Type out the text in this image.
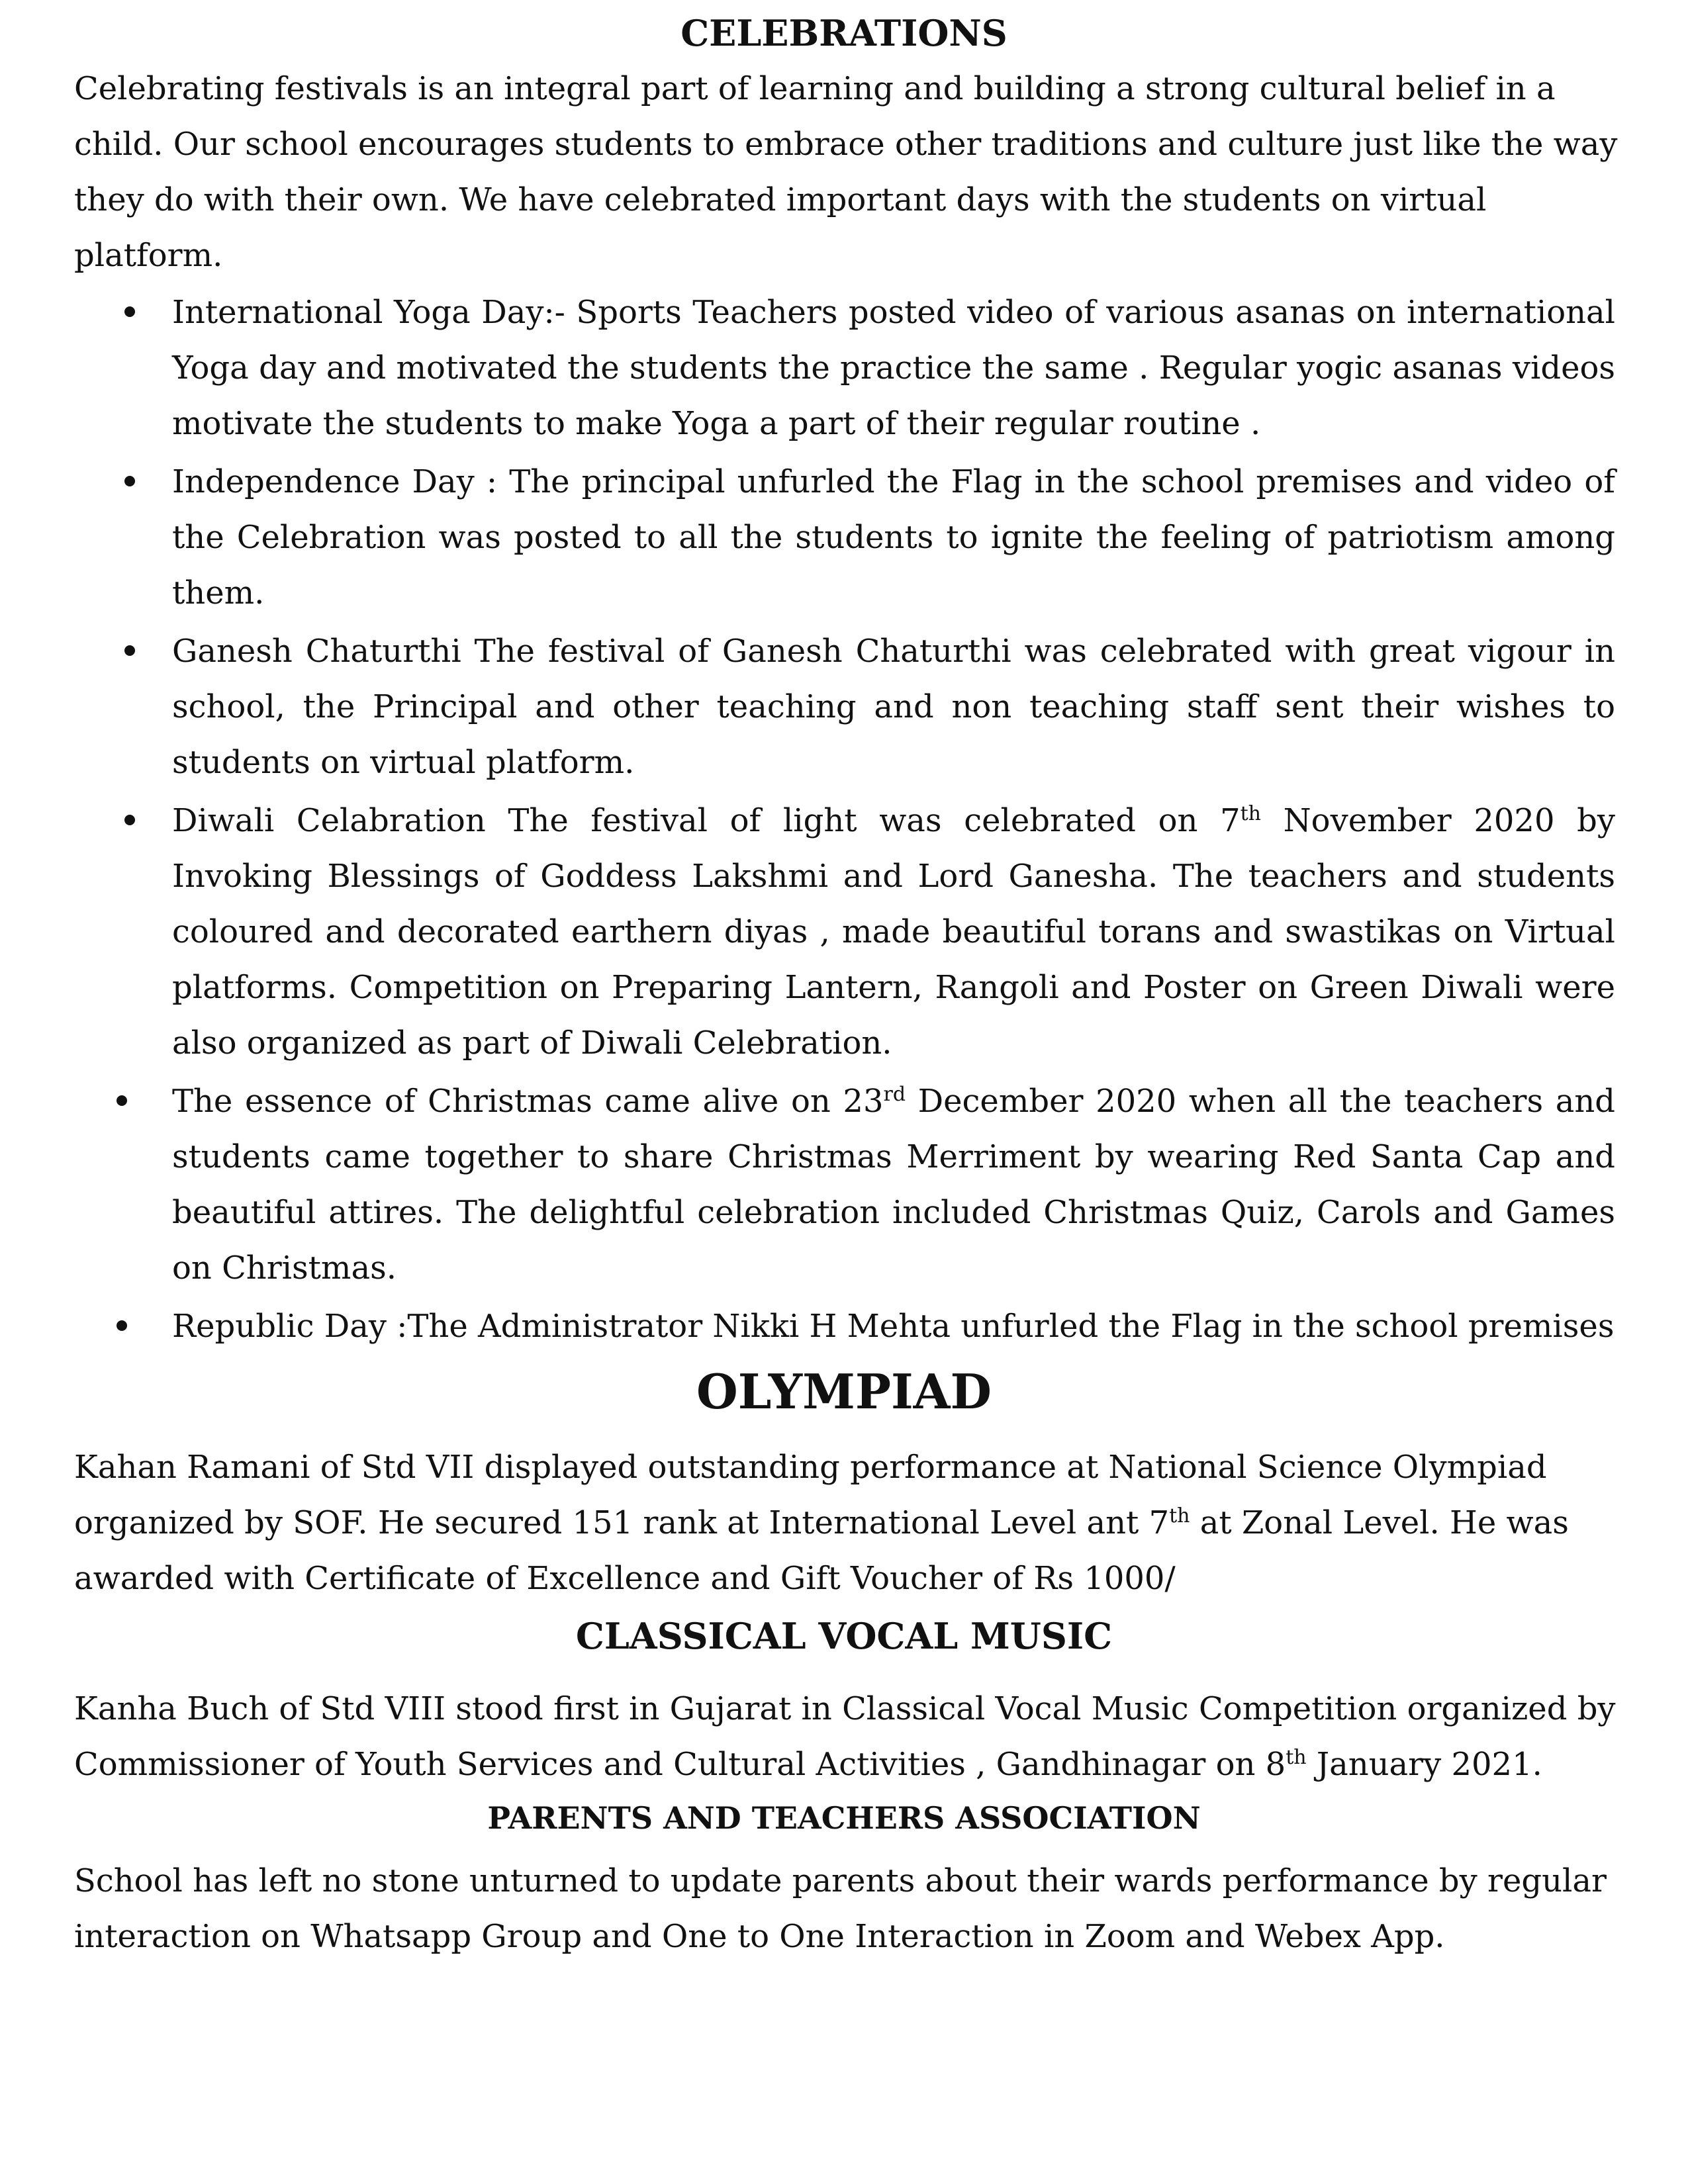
CELEBRATIONS

Celebrating festivals is an integral part of learning and building a strong cultural belief in a child. Our school encourages students to embrace other traditions and culture just like the way they do with their own. We have celebrated important days with the students on virtual platform.

International Yoga Day:- Sports Teachers posted video of various asanas on international Yoga day and motivated the students the practice the same . Regular yogic asanas videos motivate the students to make Yoga a part of their regular routine .
Independence Day : The principal unfurled the Flag in the school premises and video of the Celebration was posted to all the students to ignite the feeling of patriotism among them.
Ganesh Chaturthi The festival of Ganesh Chaturthi was celebrated with great vigour in school, the Principal and other teaching and non teaching staff sent their wishes to students on virtual platform.
Diwali Celabration The festival of light was celebrated on 7th November 2020 by Invoking Blessings of Goddess Lakshmi and Lord Ganesha. The teachers and students coloured and decorated earthern diyas , made beautiful torans and swastikas on Virtual platforms. Competition on Preparing Lantern, Rangoli and Poster on Green Diwali were also organized as part of Diwali Celebration.
The essence of Christmas came alive on 23rd December 2020 when all the teachers and students came together to share Christmas Merriment by wearing Red Santa Cap and beautiful attires. The delightful celebration included Christmas Quiz, Carols and Games on Christmas.
Republic Day :The Administrator Nikki H Mehta unfurled the Flag in the school premises
OLYMPIAD

Kahan Ramani of Std VII displayed outstanding performance at National Science Olympiad organized by SOF. He secured 151 rank at International Level ant 7th at Zonal Level. He was awarded with Certificate of Excellence and Gift Voucher of Rs 1000/

CLASSICAL VOCAL MUSIC

Kanha Buch of Std VIII stood first in Gujarat in Classical Vocal Music Competition organized by Commissioner of Youth Services and Cultural Activities , Gandhinagar on 8th January 2021.

PARENTS AND TEACHERS ASSOCIATION

School has left no stone unturned to update parents about their wards performance by regular interaction on Whatsapp Group and One to One Interaction in Zoom and Webex App.
